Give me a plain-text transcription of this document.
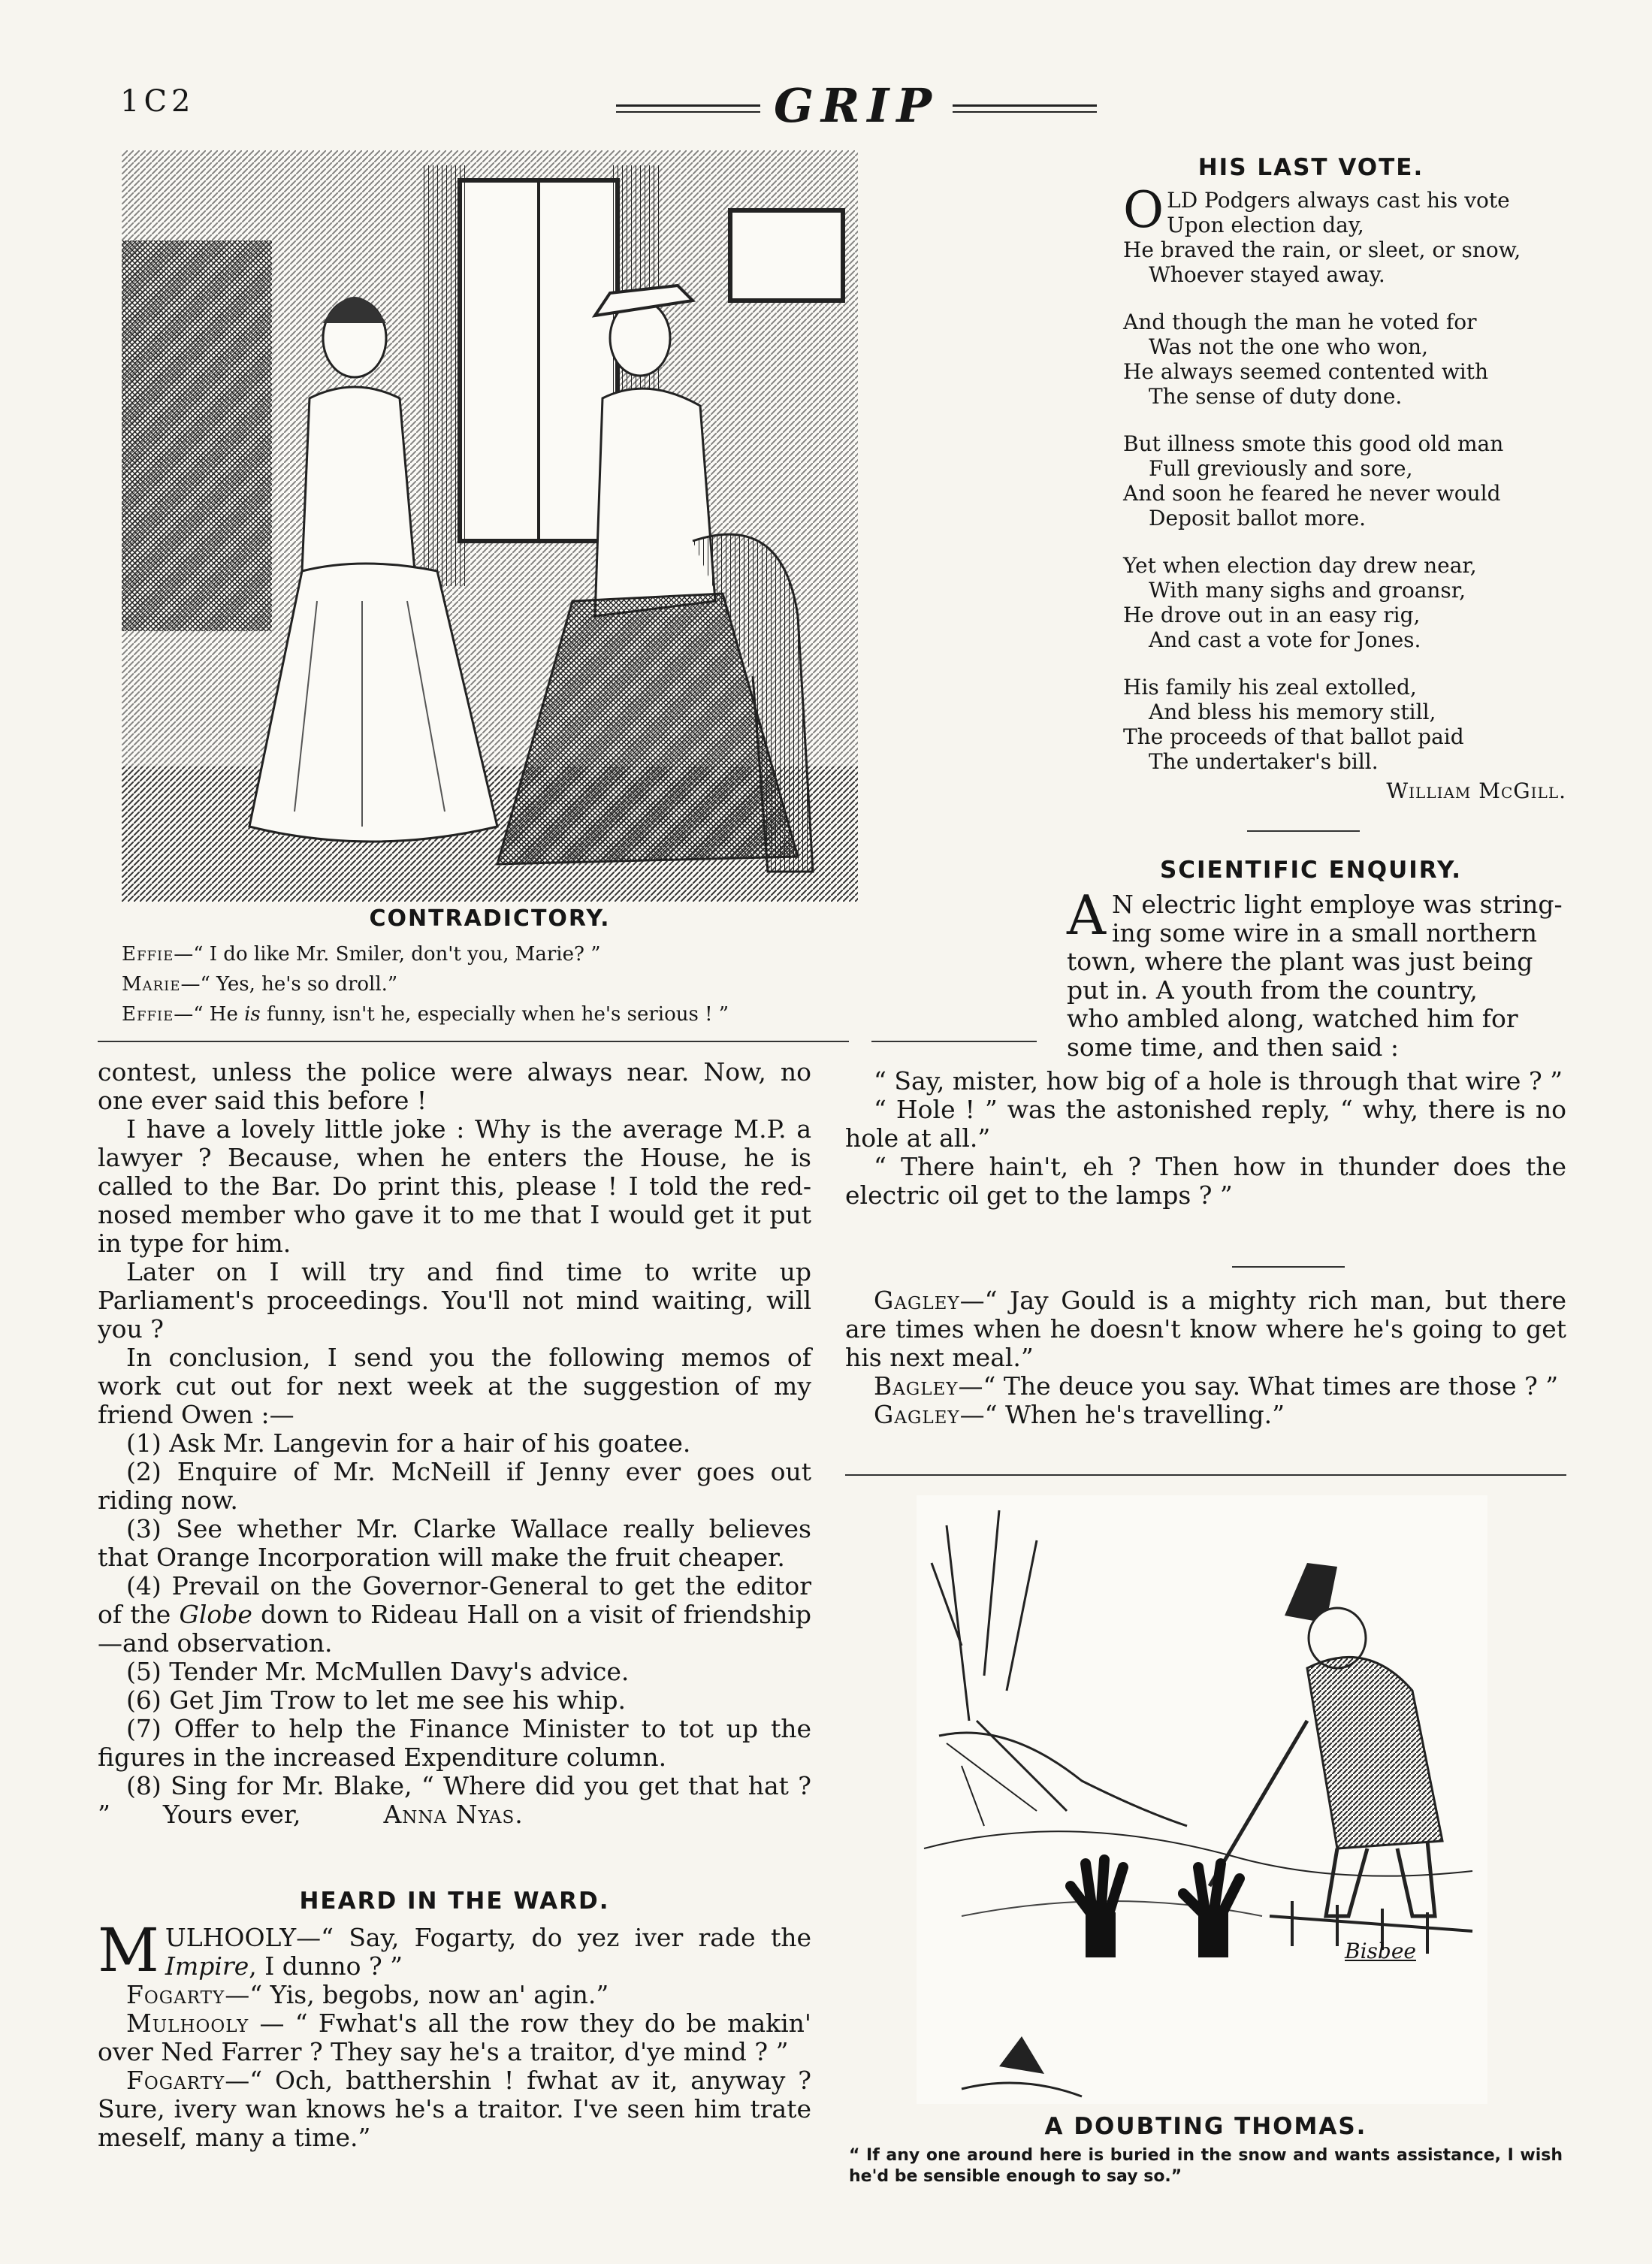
1C2	GRIP
CONTRADICTORY.
Effie—“ I do like Mr. Smiler, don't you, Marie? ”
Marie—“ Yes, he's so droll.”
Effie—“ He is funny, isn't he, especially when he's serious ! ”
HIS LAST VOTE.
O LD Podgers always cast his vote
Upon election day,
He braved the rain, or sleet, or snow,
Whoever stayed away.
And though the man he voted for
Was not the one who won,
He always seemed contented with
The sense of duty done.
But illness smote this good old man
Full greviously and sore,
And soon he feared he never would
Deposit ballot more.
Yet when election day drew near,
With many sighs and groansr,
He drove out in an easy rig,
And cast a vote for Jones.
His family his zeal extolled,
And bless his memory still,
The proceeds of that ballot paid
The undertaker's bill.
William McGill.
SCIENTIFIC ENQUIRY.
A N electric light employe was string-
ing some wire in a small northern
town, where the plant was just being
put in. A youth from the country,
who ambled along, watched him for
some time, and then said :

“ Say, mister, how big of a hole is through that wire ? ”

“ Hole ! ” was the astonished reply, “ why, there is no hole at all.”

“ There hain't, eh ? Then how in thunder does the electric oil get to the lamps ? ”

Gagley—“ Jay Gould is a mighty rich man, but there are times when he doesn't know where he's going to get his next meal.”

Bagley—“ The deuce you say. What times are those ? ”

Gagley—“ When he's travelling.”

contest, unless the police were always near. Now, no one ever said this before !

I have a lovely little joke : Why is the average M.P. a lawyer ? Because, when he enters the House, he is called to the Bar. Do print this, please ! I told the red-nosed member who gave it to me that I would get it put in type for him.

Later on I will try and find time to write up Parliament's proceedings. You'll not mind waiting, will you ?

In conclusion, I send you the following memos of work cut out for next week at the suggestion of my friend Owen :—

(1) Ask Mr. Langevin for a hair of his goatee.

(2) Enquire of Mr. McNeill if Jenny ever goes out riding now.

(3) See whether Mr. Clarke Wallace really believes that Orange Incorporation will make the fruit cheaper.

(4) Prevail on the Governor-General to get the editor of the Globe down to Rideau Hall on a visit of friendship —and observation.

(5) Tender Mr. McMullen Davy's advice.

(6) Get Jim Trow to let me see his whip.

(7) Offer to help the Finance Minister to tot up the figures in the increased Expenditure column.

(8) Sing for Mr. Blake, “ Where did you get that hat ? ” Yours ever,	Anna Nyas.

HEARD IN THE WARD.

MULHOOLY—“ Say, Fogarty, do yez iver rade the Impire, I dunno ? ”

Fogarty—“ Yis, begobs, now an' agin.”

Mulhooly — “ Fwhat's all the row they do be makin' over Ned Farrer ? They say he's a traitor, d'ye mind ? ”

Fogarty—“ Och, batthershin ! fwhat av it, anyway ? Sure, ivery wan knows he's a traitor. I've seen him trate meself, many a time.”

Bisbee
A DOUBTING THOMAS.
“ If any one around here is buried in the snow and wants assistance, I wish he'd be sensible enough to say so.”
